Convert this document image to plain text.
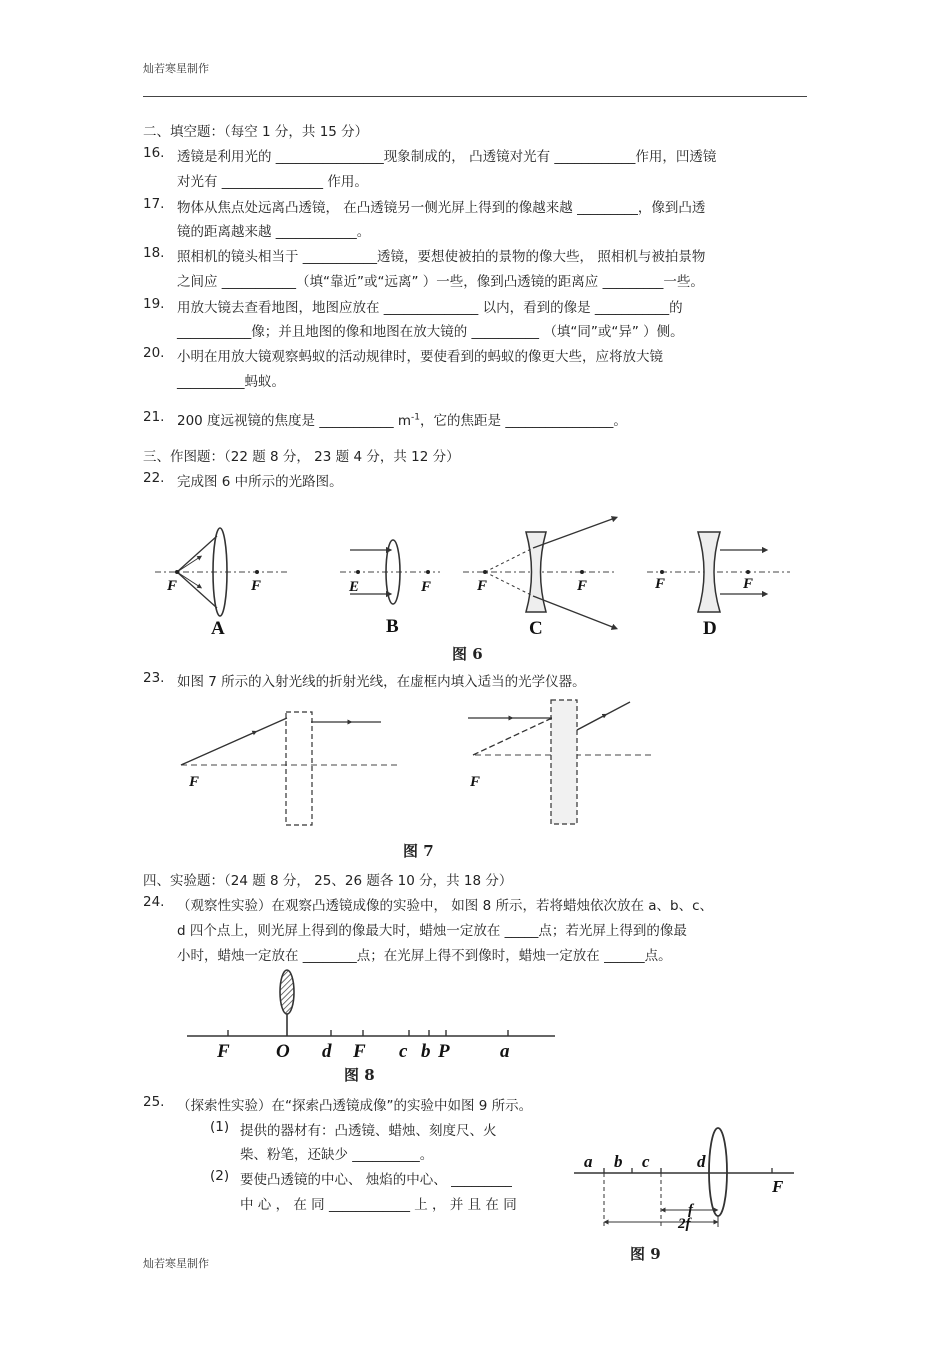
灿若寒星制作
灿若寒星制作
二、填空题：（每空 1 分，共 15 分）
16. 透镜是利用光的 ________________现象制成的， 凸透镜对光有 ____________作用，凹透镜
对光有 _______________ 作用。
17. 物体从焦点处远离凸透镜， 在凸透镜另一侧光屏上得到的像越来越 _________，像到凸透
镜的距离越来越 ____________。
18. 照相机的镜头相当于 ___________透镜，要想使被拍的景物的像大些， 照相机与被拍景物
之间应 ___________（填“靠近”或“远离” ）一些，像到凸透镜的距离应 _________一些。
19. 用放大镜去查看地图，地图应放在 ______________ 以内，看到的像是 ___________的
___________像；并且地图的像和地图在放大镜的 __________ （填“同”或“异” ）侧。
20. 小明在用放大镜观察蚂蚁的活动规律时，要使看到的蚂蚁的像更大些，应将放大镜
__________蚂蚁。
21. 200 度远视镜的焦度是 ___________ $m^{-1}$，它的焦距是 ________________。
三、作图题：（22 题 8 分， 23 题 4 分，共 12 分）
22. 完成图 6 中所示的光路图。
F	F
A
E	F
B
F	F
C
F	F
D
图 6
23. 如图 7 所示的入射光线的折射光线，在虚框内填入适当的光学仪器。
F	F
图 7
四、实验题：（24 题 8 分， 25、26 题各 10 分，共 18 分）
24. （观察性实验）在观察凸透镜成像的实验中， 如图 8 所示，若将蜡烛依次放在 a、b、c、
d 四个点上，则光屏上得到的像最大时，蜡烛一定放在 _____点；若光屏上得到的像最
小时，蜡烛一定放在 ________点；在光屏上得不到像时，蜡烛一定放在 ______点。
F O d F c b P	a
图 8
25. （探索性实验）在“探索凸透镜成像”的实验中如图 9 所示。
(1) 提供的器材有：凸透镜、蜡烛、刻度尺、火
柴、粉笔，还缺少 __________。
(2) 要使凸透镜的中心、 烛焰的中心、 _________
中 心 ， 在 同 ____________ 上 ， 并 且 在 同
a b c	d
F
2f
f
图 9
